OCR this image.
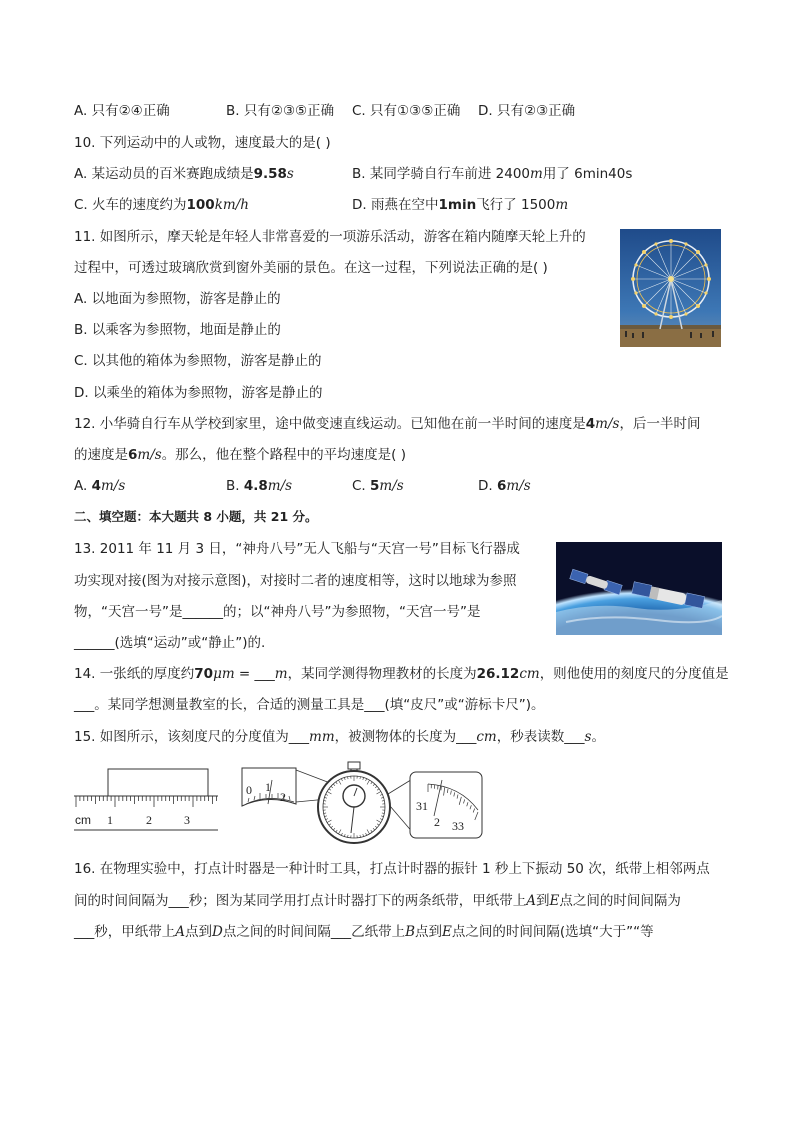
A. 只有②④正确	B. 只有②③⑤正确 C. 只有①③⑤正确 D. 只有②③正确
10. 下列运动中的人或物，速度最大的是( )
A. 某运动员的百米赛跑成绩是9.58s	B. 某同学骑自行车前进 2400m用了 6min40s
C. 火车的速度约为100km/h	D. 雨燕在空中1min飞行了 1500m
11. 如图所示，摩天轮是年轻人非常喜爱的一项游乐活动，游客在箱内随摩天轮上升的
过程中，可透过玻璃欣赏到窗外美丽的景色。在这一过程，下列说法正确的是( )
A. 以地面为参照物，游客是静止的
B. 以乘客为参照物，地面是静止的
C. 以其他的箱体为参照物，游客是静止的
D. 以乘坐的箱体为参照物，游客是静止的
12. 小华骑自行车从学校到家里，途中做变速直线运动。已知他在前一半时间的速度是4m/s，后一半时间
的速度是6m/s。那么，他在整个路程中的平均速度是( )
A. 4m/s	B. 4.8m/s	C. 5m/s	D. 6m/s
二、填空题：本大题共 8 小题，共 21 分。
13. 2011 年 11 月 3 日，“神舟八号”无人飞船与“天宫一号”目标飞行器成
功实现对接(图为对接示意图)，对接时二者的速度相等，这时以地球为参照
物，“天宫一号”是______的；以“神舟八号”为参照物，“天宫一号”是
______(选填“运动”或“静止”)的.
14. 一张纸的厚度约70μm = ___m，某同学测得物理教材的长度为26.12cm，则他使用的刻度尺的分度值是
___。某同学想测量教室的长，合适的测量工具是___(填“皮尺”或“游标卡尺”)。
15. 如图所示，该刻度尺的分度值为___mm，被测物体的长度为___cm，秒表读数___s。
cm 1	2	3
0 1
2
31
2 33
16. 在物理实验中，打点计时器是一种计时工具，打点计时器的振针 1 秒上下振动 50 次，纸带上相邻两点
间的时间间隔为___秒；图为某同学用打点计时器打下的两条纸带，甲纸带上A到E点之间的时间间隔为
___秒，甲纸带上A点到D点之间的时间间隔___乙纸带上B点到E点之间的时间间隔(选填“大于”“等
